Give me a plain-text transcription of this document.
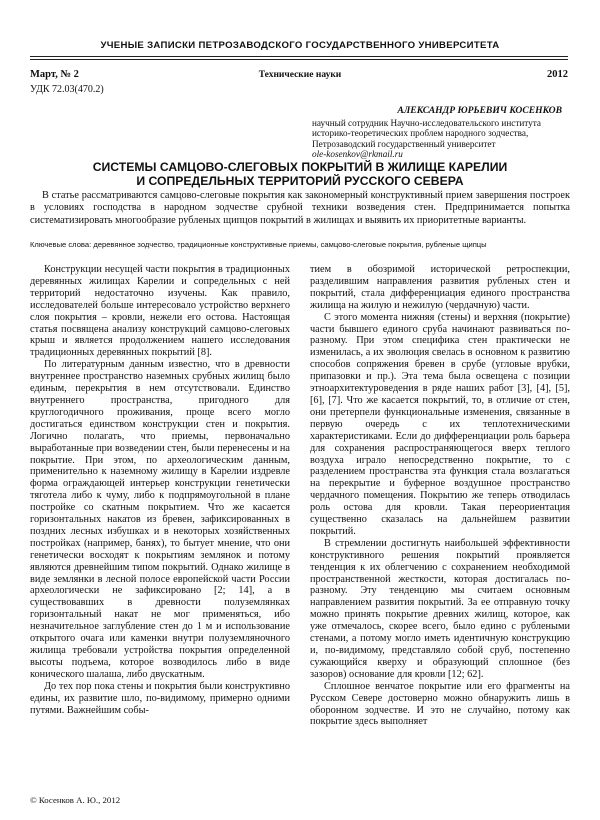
УЧЕНЫЕ ЗАПИСКИ ПЕТРОЗАВОДСКОГО ГОСУДАРСТВЕННОГО УНИВЕРСИТЕТА
Март, № 2	Технические науки	2012
УДК 72.03(470.2)
АЛЕКСАНДР ЮРЬЕВИЧ КОСЕНКОВ
научный сотрудник Научно-исследовательского института историко-теоретических проблем народного зодчества, Петрозаводский государственный университет
ole-kosenkov@rkmail.ru
СИСТЕМЫ САМЦОВО-СЛЕГОВЫХ ПОКРЫТИЙ В ЖИЛИЩЕ КАРЕЛИИ
И СОПРЕДЕЛЬНЫХ ТЕРРИТОРИЙ РУССКОГО СЕВЕРА
В статье рассматриваются самцово-слеговые покрытия как закономерный конструктивный прием завершения построек в условиях господства в народном зодчестве срубной техники возведения стен. Предпринимается попытка систематизировать многообразие рубленых щипцов покрытий в жилищах и выявить их приоритетные варианты.
Ключевые слова: деревянное зодчество, традиционные конструктивные приемы, самцово-слеговые покрытия, рубленые щипцы

Конструкции несущей части покрытия в традиционных деревянных жилищах Карелии и сопредельных с ней территорий недостаточно изучены. Как правило, исследователей больше интересовало устройство верхнего слоя покрытия – кровли, нежели его остова. Настоящая статья посвящена анализу конструкций самцово-слеговых крыш и является продолжением нашего исследования традиционных деревянных покрытий [8].

По литературным данным известно, что в древности внутреннее пространство наземных срубных жилищ было единым, перекрытия в нем отсутствовали. Единство внутреннего пространства, пригодного для круглогодичного проживания, проще всего могло достигаться единством конструкции стен и покрытия. Логично полагать, что приемы, первоначально выработанные при возведении стен, были перенесены и на покрытие. При этом, по археологическим данным, применительно к наземному жилищу в Карелии издревле форма ограждающей интерьер конструкции генетически тяготела либо к чуму, либо к подпрямоугольной в плане постройке со скатным покрытием. Что же касается горизонтальных накатов из бревен, зафиксированных в поздних лесных избушках и в некоторых хозяйственных постройках (например, банях), то бытует мнение, что они генетически восходят к покрытиям землянок и потому являются древнейшим типом покрытий. Однако жилище в виде землянки в лесной полосе европейской части России археологически не зафиксировано [2; 14], а в существовавших в древности полуземлянках горизонтальный накат не мог применяться, ибо незначительное заглубление стен до 1 м и использование открытого очага или каменки внутри полуземляночного жилища требовали устройства покрытия определенной высоты подъема, которое возводилось либо в виде конического шалаша, либо двускатным.

До тех пор пока стены и покрытия были конструктивно едины, их развитие шло, по-видимому, примерно одними путями. Важнейшим собы-

тием в обозримой исторической ретроспекции, разделившим направления развития рубленых стен и покрытий, стала дифференциация единого пространства жилища на жилую и нежилую (чердачную) части.

С этого момента нижняя (стены) и верхняя (покрытие) части бывшего единого сруба начинают развиваться по-разному. При этом специфика стен практически не изменилась, а их эволюция свелась в основном к развитию способов сопряжения бревен в срубе (угловые врубки, припазовки и пр.). Эта тема была освещена с позиции этноархитектуроведения в ряде наших работ [3], [4], [5], [6], [7]. Что же касается покрытий, то, в отличие от стен, они претерпели функциональные изменения, связанные в первую очередь с их теплотехническими характеристиками. Если до дифференциации роль барьера для сохранения распространяющегося вверх теплого воздуха играло непосредственно покрытие, то с разделением пространства эта функция стала возлагаться на перекрытие и буферное воздушное пространство чердачного помещения. Покрытию же теперь отводилась роль остова для кровли. Такая переориентация существенно сказалась на дальнейшем развитии покрытий.

В стремлении достигнуть наибольшей эффективности конструктивного решения покрытий проявляется тенденция к их облегчению с сохранением необходимой пространственной жесткости, которая достигалась по-разному. Эту тенденцию мы считаем основным направлением развития покрытий. За ее отправную точку можно принять покрытие древних жилищ, которое, как уже отмечалось, скорее всего, было едино с рублеными стенами, а потому могло иметь идентичную конструкцию и, по-видимому, представляло собой сруб, постепенно сужающийся кверху и образующий сплошное (без зазоров) основание для кровли [12; 62].

Сплошное венчатое покрытие или его фрагменты на Русском Севере достоверно можно обнаружить лишь в оборонном зодчестве. И это не случайно, потому как покрытие здесь выполняет

© Косенков А. Ю., 2012
